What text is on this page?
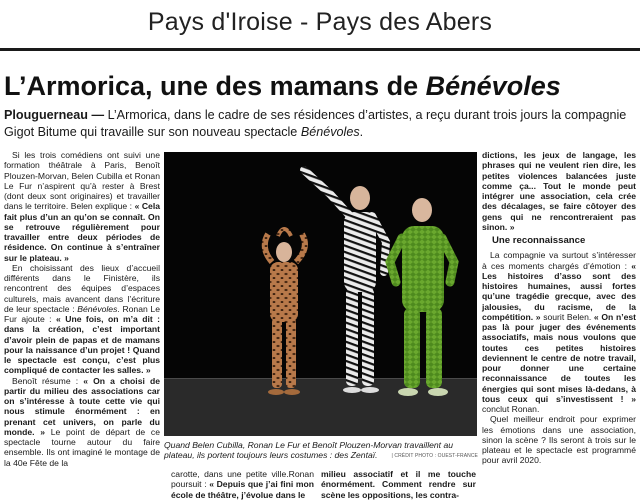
Pays d'Iroise - Pays des Abers
L’Armorica, une des mamans de Bénévoles
Plouguerneau — L’Armorica, dans le cadre de ses résidences d’artistes, a reçu durant trois jours la compagnie Gigot Bitume qui travaille sur son nouveau spectacle Bénévoles.

Si les trois comédiens ont suivi une formation théâtrale à Paris, Benoît Plouzen-Morvan, Belen Cubilla et Ronan Le Fur n’aspirent qu’à rester à Brest (dont deux sont originaires) et travailler dans le territoire. Belen explique : « Cela fait plus d’un an qu’on se connaît. On se retrouve régulièrement pour travailler entre deux périodes de résidence. On continue à s’entraîner sur le plateau. »

En choisissant des lieux d’accueil différents dans le Finistère, ils rencontrent des équipes d’espaces culturels, mais avancent dans l’écriture de leur spectacle : Bénévoles. Ronan Le Fur ajoute : « Une fois, on m’a dit : dans la création, c’est important d’avoir plein de papas et de mamans pour la naissance d’un projet ! Quand le spectacle est conçu, c’est plus compliqué de contacter les salles. »

Benoît résume : « On a choisi de partir du milieu des associations car on s’intéresse à toute cette vie qui nous stimule énormément : en prenant cet univers, on parle du monde. » Le point de départ de ce spectacle tourne autour du faire ensemble. Ils ont imaginé le montage de la 40e Fête de la

Quand Belen Cubilla, Ronan Le Fur et Benoît Plouzen-Morvan travaillent au plateau, ils portent toujours leurs costumes : des Zentaï.	| CRÉDIT PHOTO : OUEST-FRANCE

carotte, dans une petite ville.Ronan poursuit : « Depuis que j’ai fini mon école de théâtre, j’évolue dans le

milieu associatif et il me touche énormément. Comment rendre sur scène les oppositions, les contra-

dictions, les jeux de langage, les phrases qui ne veulent rien dire, les petites violences balancées juste comme ça... Tout le monde peut intégrer une association, cela crée des décalages, se faire côtoyer des gens qui ne rencontreraient pas sinon. »

Une reconnaissance

La compagnie va surtout s’intéresser à ces moments chargés d’émotion : « Les histoires d’asso sont des histoires humaines, aussi fortes qu’une tragédie grecque, avec des jalousies, du racisme, de la compétition. » sourit Belen. « On n’est pas là pour juger des événements associatifs, mais nous voulons que toutes ces petites histoires deviennent le centre de notre travail, pour donner une certaine reconnaissance de toutes les énergies qui sont mises là-dedans, à tous ceux qui s’investissent ! » conclut Ronan.

Quel meilleur endroit pour exprimer les émotions dans une association, sinon la scène ? Ils seront à trois sur le plateau et le spectacle est programmé pour avril 2020.
